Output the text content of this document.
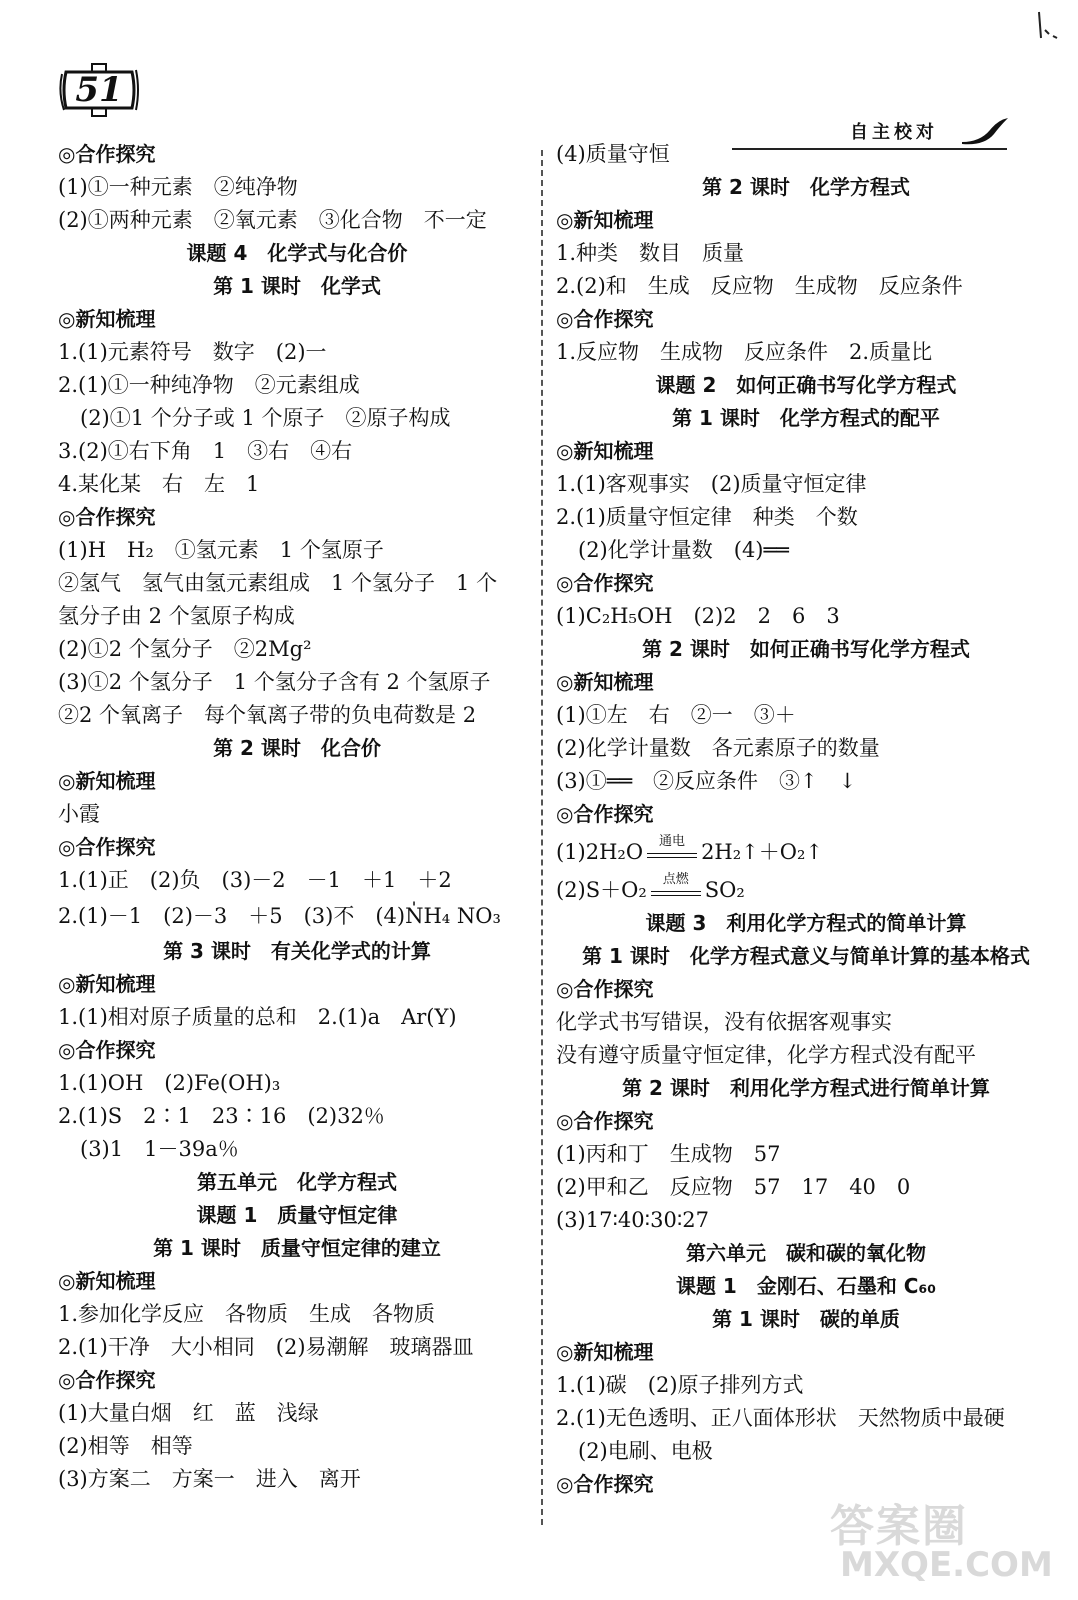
51
自主校对
◎合作探究
(1)①一种元素　②纯净物
(2)①两种元素　②氧元素　③化合物　不一定
课题 4　化学式与化合价
第 1 课时　化学式
◎新知梳理
1.(1)元素符号　数字　(2)一
2.(1)①一种纯净物　②元素组成
(2)①1 个分子或 1 个原子　②原子构成
3.(2)①右下角　1　③右　④右
4.某化某　右　左　1
◎合作探究
(1)H　H₂　①氢元素　1 个氢原子
②氢气　氢气由氢元素组成　1 个氢分子　1 个
氢分子由 2 个氢原子构成
(2)①2 个氢分子　②2Mg²
(3)①2 个氢分子　1 个氢分子含有 2 个氢原子
②2 个氧离子　每个氧离子带的负电荷数是 2
第 2 课时　化合价
◎新知梳理
小霞
◎合作探究
1.(1)正　(2)负　(3)－2　－1　＋1　＋2
2.(1)－1　(2)－3　＋5　(3)不　(4)N̍H₄ NO₃
第 3 课时　有关化学式的计算
◎新知梳理
1.(1)相对原子质量的总和　2.(1)a　Ar(Y)
◎合作探究
1.(1)OH　(2)Fe(OH)₃
2.(1)S　2∶1　23∶16　(2)32％
(3)1　1－39a％
第五单元　化学方程式
课题 1　质量守恒定律
第 1 课时　质量守恒定律的建立
◎新知梳理
1.参加化学反应　各物质　生成　各物质
2.(1)干净　大小相同　(2)易潮解　玻璃器皿
◎合作探究
(1)大量白烟　红　蓝　浅绿
(2)相等　相等
(3)方案二　方案一　进入　离开
(4)质量守恒
第 2 课时　化学方程式
◎新知梳理
1.种类　数目　质量
2.(2)和　生成　反应物　生成物　反应条件
◎合作探究
1.反应物　生成物　反应条件　2.质量比
课题 2　如何正确书写化学方程式
第 1 课时　化学方程式的配平
◎新知梳理
1.(1)客观事实　(2)质量守恒定律
2.(1)质量守恒定律　种类　个数
(2)化学计量数　(4)══
◎合作探究
(1)C₂H₅OH　(2)2　2　6　3
第 2 课时　如何正确书写化学方程式
◎新知梳理
(1)①左　右　②一　③＋
(2)化学计量数　各元素原子的数量
(3)①══　②反应条件　③↑　↓
◎合作探究
(1)2H₂O	通电 2H₂↑＋O₂↑
(2)S＋O₂	点燃 SO₂
课题 3　利用化学方程式的简单计算
第 1 课时　化学方程式意义与简单计算的基本格式
◎合作探究
化学式书写错误，没有依据客观事实
没有遵守质量守恒定律，化学方程式没有配平
第 2 课时　利用化学方程式进行简单计算
◎合作探究
(1)丙和丁　生成物　57
(2)甲和乙　反应物　57　17　40　0
(3)17∶40∶30∶27
第六单元　碳和碳的氧化物
课题 1　金刚石、石墨和 C₆₀
第 1 课时　碳的单质
◎新知梳理
1.(1)碳　(2)原子排列方式
2.(1)无色透明、正八面体形状　天然物质中最硬
(2)电刷、电极
◎合作探究
答案圈
MXQE.COM
